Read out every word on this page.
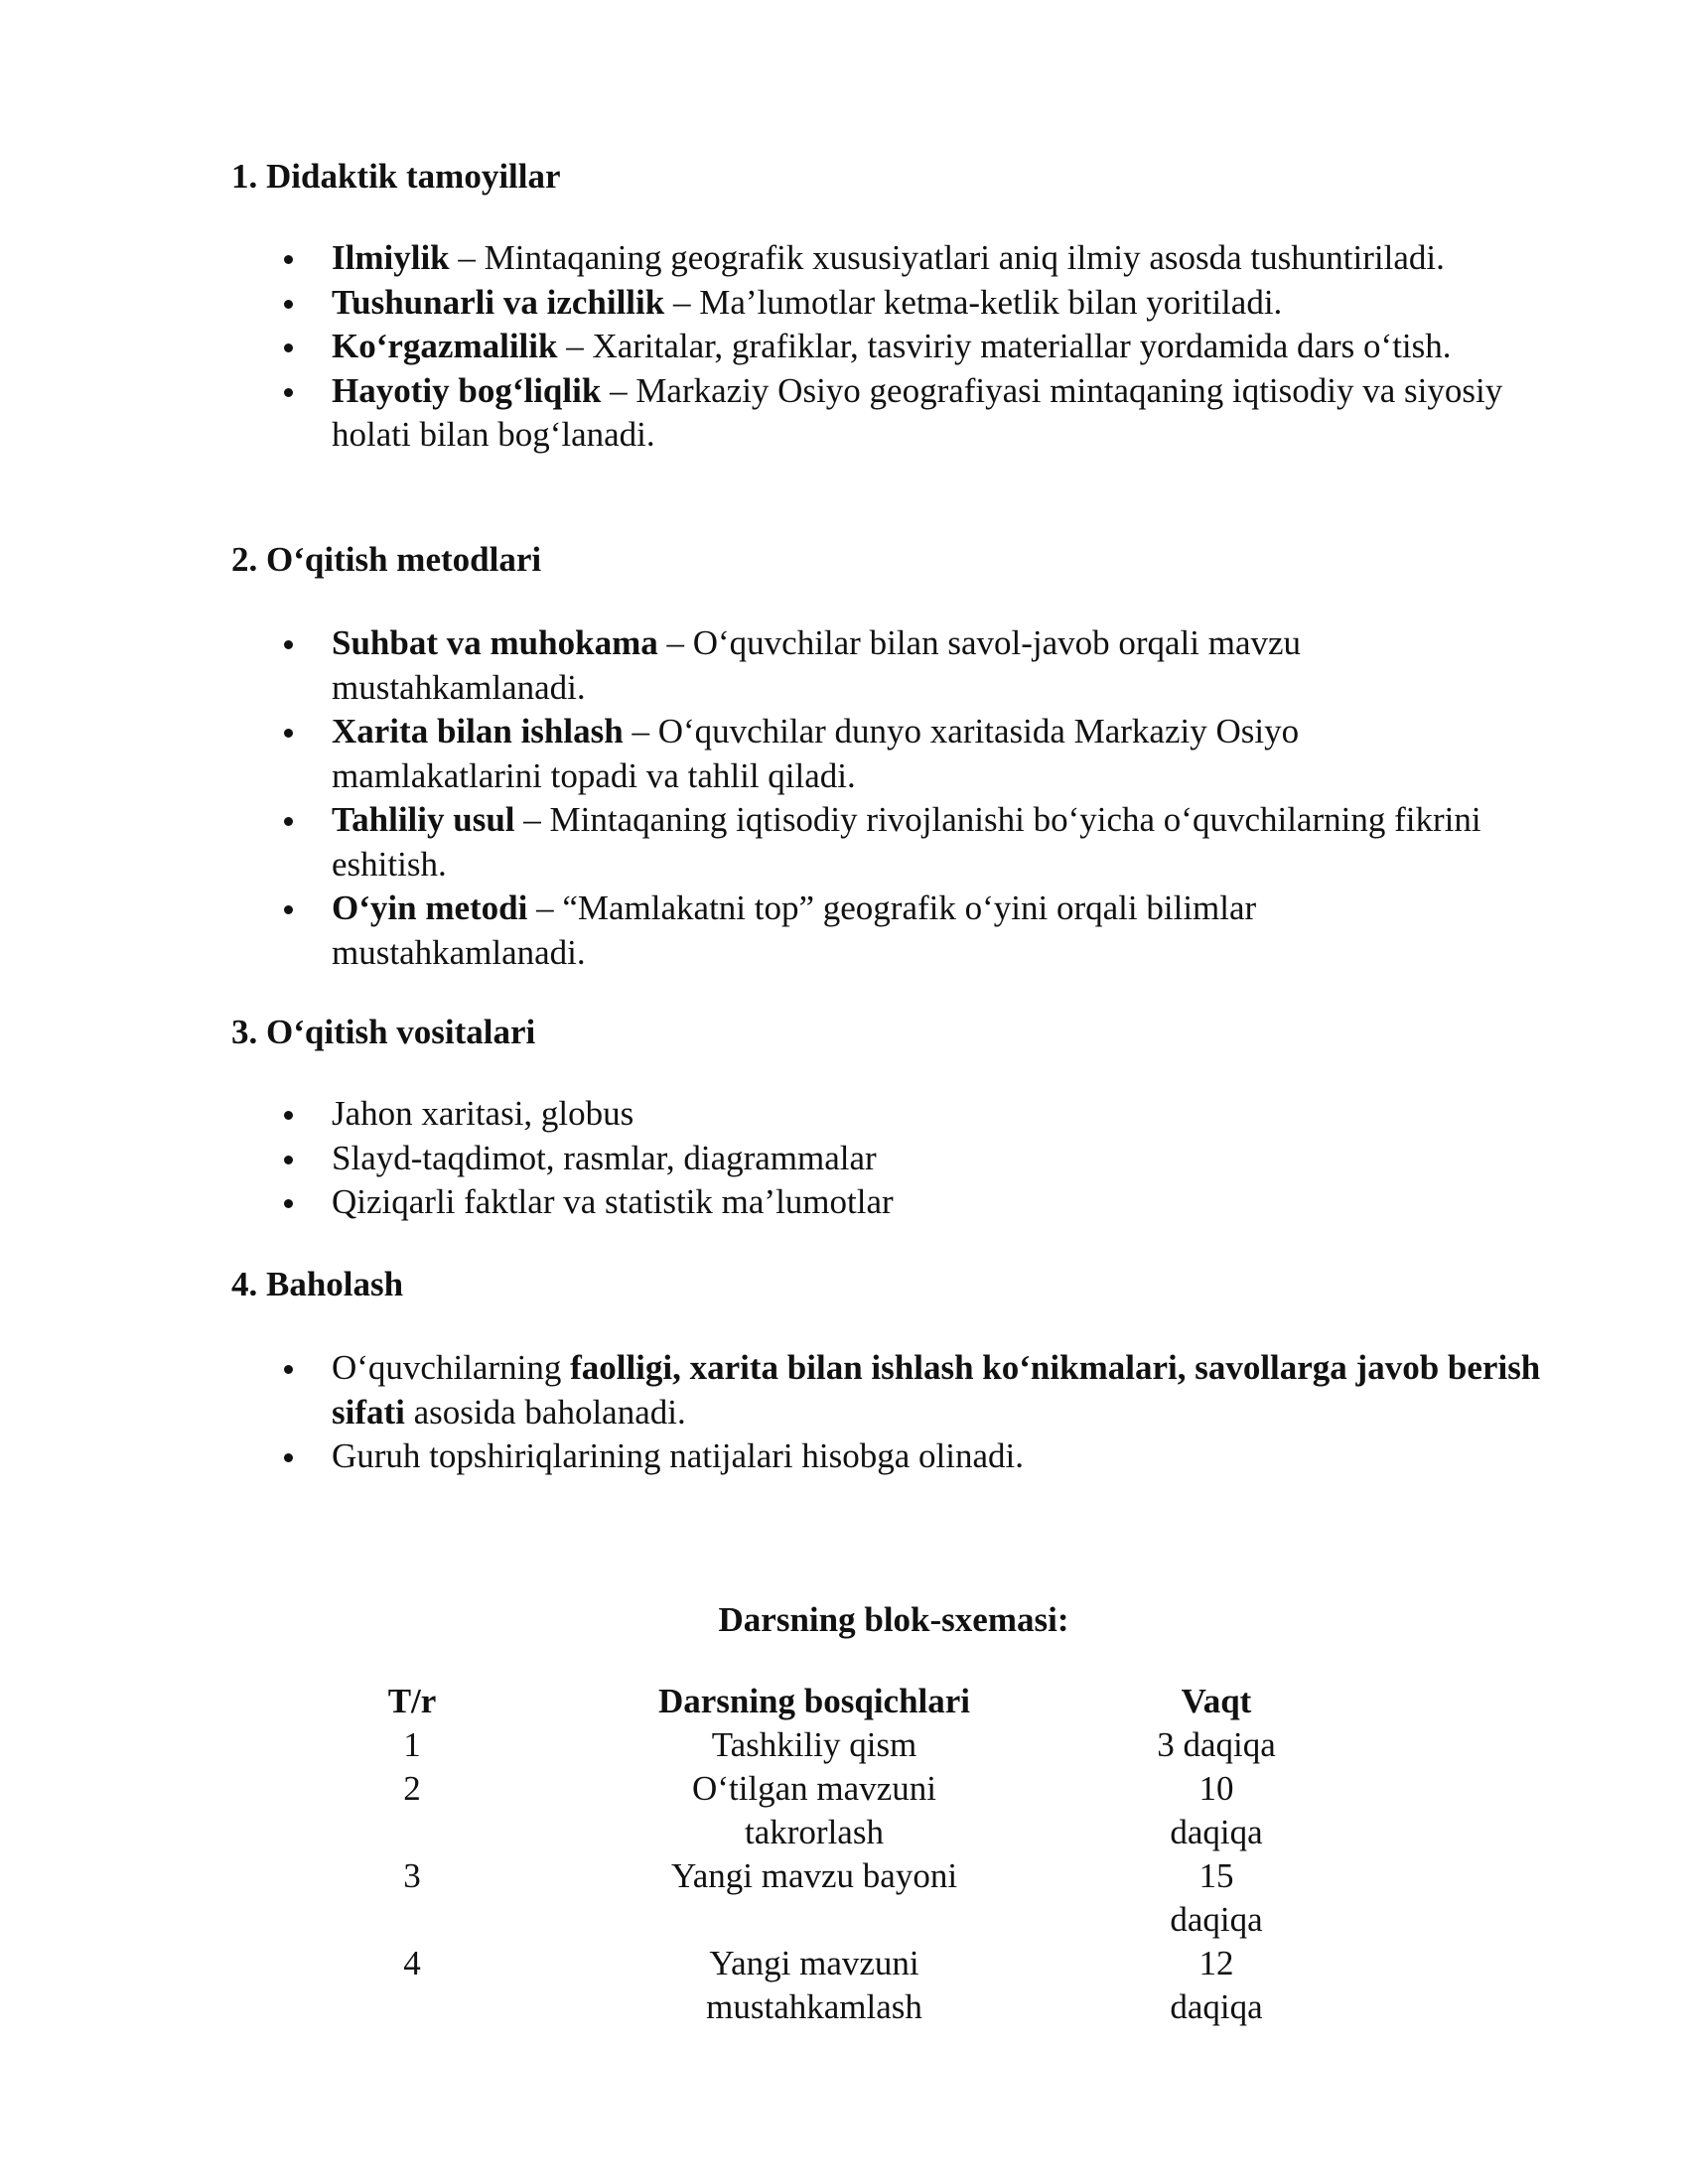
1. Didaktik tamoyillar
Ilmiylik – Mintaqaning geografik xususiyatlari aniq ilmiy asosda tushuntiriladi.
Tushunarli va izchillik – Ma’lumotlar ketma-ketlik bilan yoritiladi.
Ko‘rgazmalilik – Xaritalar, grafiklar, tasviriy materiallar yordamida dars o‘tish.
Hayotiy bog‘liqlik – Markaziy Osiyo geografiyasi mintaqaning iqtisodiy va siyosiy holati bilan bog‘lanadi.
2. O‘qitish metodlari
Suhbat va muhokama – O‘quvchilar bilan savol-javob orqali mavzu mustahkamlanadi.
Xarita bilan ishlash – O‘quvchilar dunyo xaritasida Markaziy Osiyo mamlakatlarini topadi va tahlil qiladi.
Tahliliy usul – Mintaqaning iqtisodiy rivojlanishi bo‘yicha o‘quvchilarning fikrini eshitish.
O‘yin metodi – “Mamlakatni top” geografik o‘yini orqali bilimlar mustahkamlanadi.
3. O‘qitish vositalari
Jahon xaritasi, globus
Slayd-taqdimot, rasmlar, diagrammalar
Qiziqarli faktlar va statistik ma’lumotlar
4. Baholash
O‘quvchilarning faolligi, xarita bilan ishlash ko‘nikmalari, savollarga javob berish sifati asosida baholanadi.
Guruh topshiriqlarining natijalari hisobga olinadi.
Darsning blok-sxemasi:
T/r	Darsning bosqichlari	Vaqt
1	Tashkiliy qism	3 daqiqa
2	O‘tilgan mavzuni takrorlash	10 daqiqa
3	Yangi mavzu bayoni	15 daqiqa
4	Yangi mavzuni mustahkamlash	12 daqiqa
